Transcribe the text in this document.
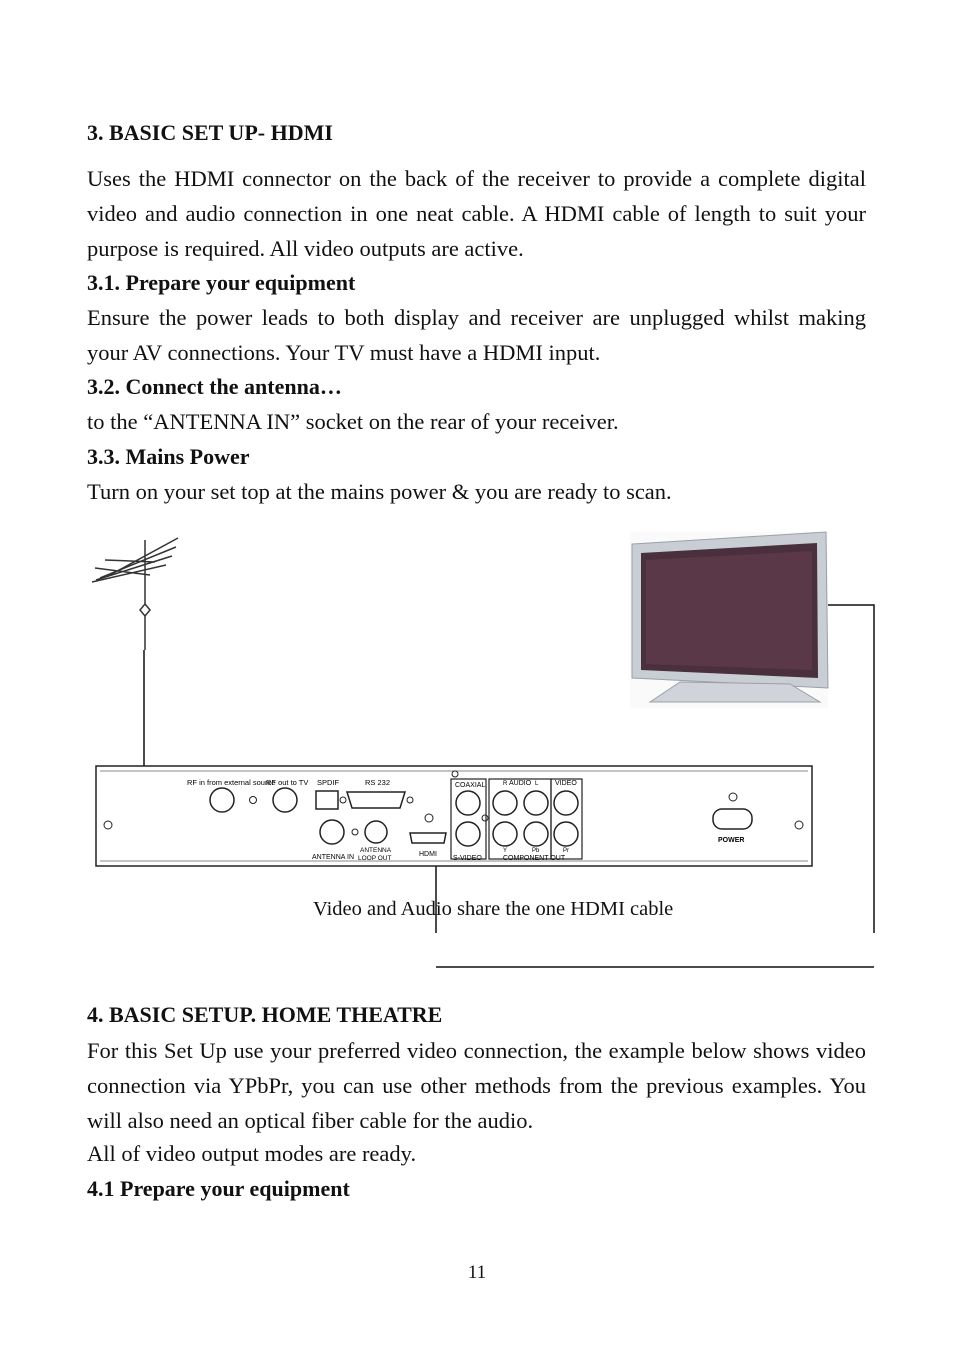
3. BASIC SET UP- HDMI
Uses the HDMI connector on the back of the receiver to provide a complete digital video and audio connection in one neat cable. A HDMI cable of length to suit your purpose is required. All video outputs are active.
3.1. Prepare your equipment
Ensure the power leads to both display and receiver are unplugged whilst making your AV connections. Your TV must have a HDMI input.
3.2. Connect the antenna…
to the “ANTENNA IN” socket on the rear of your receiver.
3.3. Mains Power
Turn on your set top at the mains power & you are ready to scan.
RF in from external source
RF out to TV SPDIF	RS 232
ANTENNA IN
ANTENNA
LOOP OUT
HDMI
COAXIAL	R AUDIO L VIDEO
S-VIDEO
Y	Pb	Pr
COMPONENT OUT
POWER
Video and Audio share the one HDMI cable
4. BASIC SETUP. HOME THEATRE
For this Set Up use your preferred video connection, the example below shows video connection via YPbPr, you can use other methods from the previous examples. You will also need an optical fiber cable for the audio.
All of video output modes are ready.
4.1 Prepare your equipment
11
